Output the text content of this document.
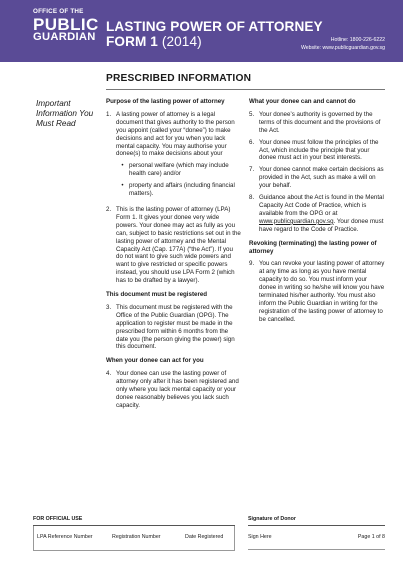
OFFICE OF THE
PUBLIC
GUARDIAN
LASTING POWER OF ATTORNEY
FORM 1 (2014)	Hotline: 1800-226-6222
Website: www.publicguardian.gov.sg
PRESCRIBED INFORMATION
Important Information You Must Read
Purpose of the lasting power of attorney
1. A lasting power of attorney is a legal document that gives authority to the person you appoint (called your “donee”) to make decisions and act for you when you lack mental capacity. You may authorise your donee(s) to make decisions about your
• personal welfare (which may include health care) and/or
• property and affairs (including financial matters).
2. This is the lasting power of attorney (LPA) Form 1. It gives your donee very wide powers. Your donee may act as fully as you can, subject to basic restrictions set out in the lasting power of attorney and the Mental Capacity Act (Cap. 177A) (“the Act”). If you do not want to give such wide powers and want to give restricted or specific powers instead, you should use LPA Form 2 (which has to be drafted by a lawyer).
This document must be registered
3. This document must be registered with the Office of the Public Guardian (OPG). The application to register must be made in the prescribed form within 6 months from the date you (the person giving the power) sign this document.
When your donee can act for you
4. Your donee can use the lasting power of attorney only after it has been registered and only where you lack mental capacity or your donee reasonably believes you lack such capacity.
What your donee can and cannot do
5. Your donee’s authority is governed by the terms of this document and the provisions of the Act.
6. Your donee must follow the principles of the Act, which include the principle that your donee must act in your best interests.
7. Your donee cannot make certain decisions as provided in the Act, such as make a will on your behalf.
8. Guidance about the Act is found in the Mental Capacity Act Code of Practice, which is available from the OPG or at www.publicguardian.gov.sg. Your donee must have regard to the Code of Practice.
Revoking (terminating) the lasting power of attorney
9. You can revoke your lasting power of attorney at any time as long as you have mental capacity to do so. You must inform your donee in writing so he/she will know you have terminated his/her authority. You must also inform the Public Guardian in writing for the registration of the lasting power of attorney to be cancelled.
FOR OFFICIAL USE
LPA Reference Number	Registration Number	Date Registered
Signature of Donor
Sign Here	Page 1 of 8
